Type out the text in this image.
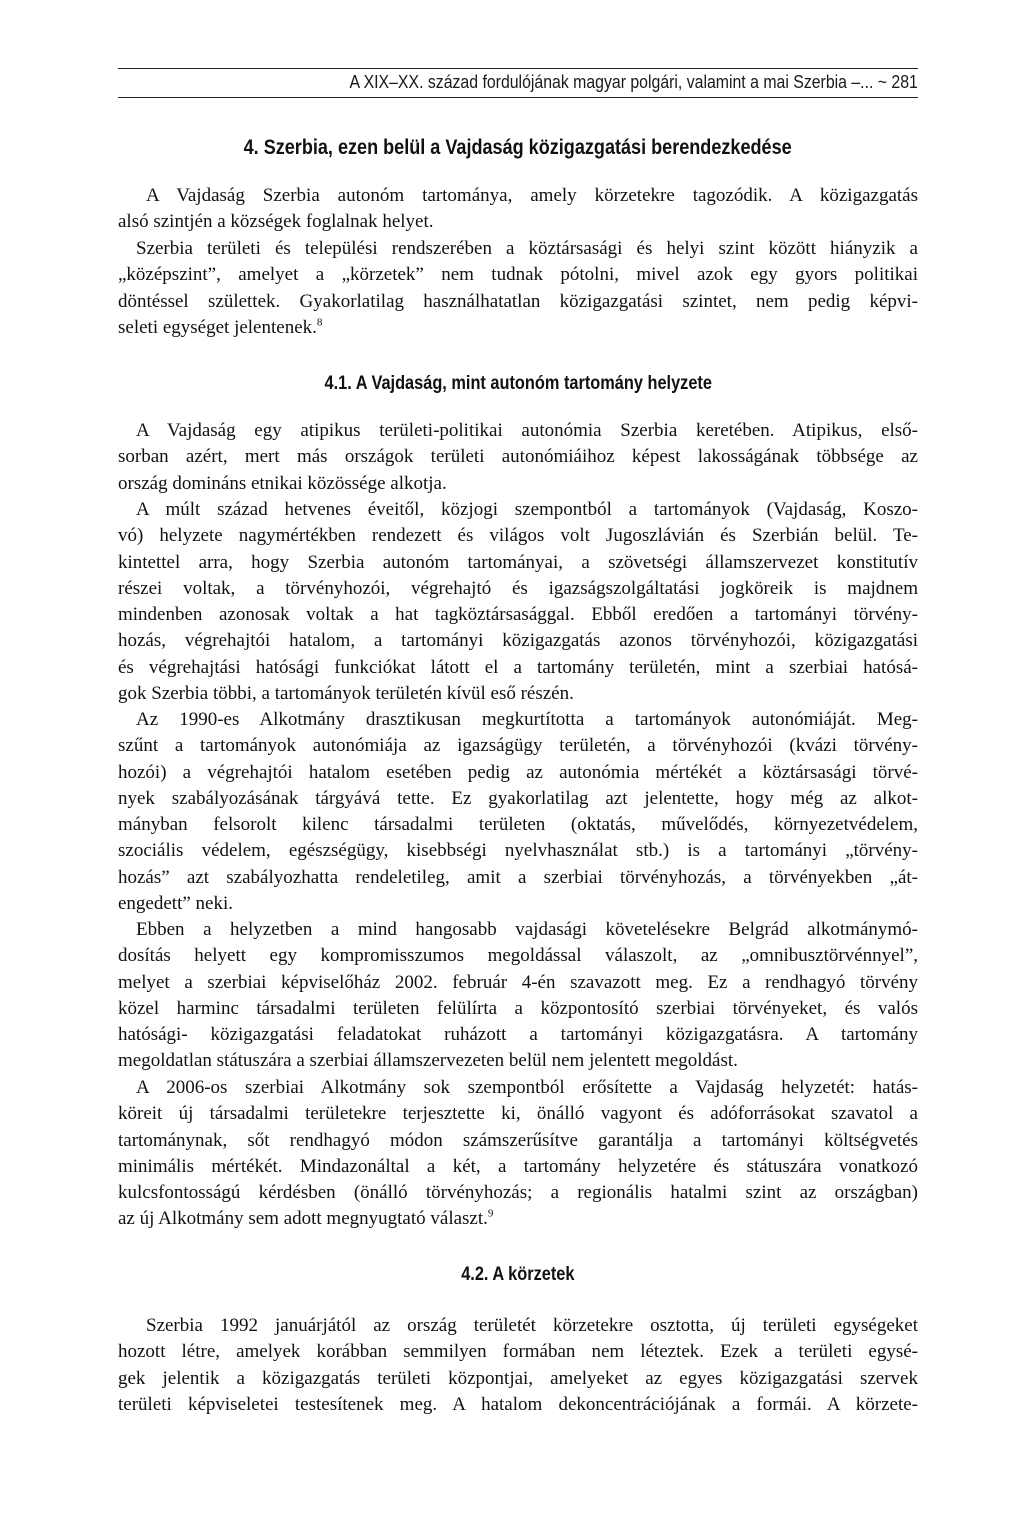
A XIX–XX. század fordulójának magyar polgári, valamint a mai Szerbia –... ~ 281
4. Szerbia, ezen belül a Vajdaság közigazgatási berendezkedése

A Vajdaság Szerbia autonóm tartománya, amely körzetekre tagozódik. A közigazgatás
alsó szintjén a községek foglalnak helyet.

Szerbia területi és települési rendszerében a köztársasági és helyi szint között hiányzik a
„középszint”, amelyet a „körzetek” nem tudnak pótolni, mivel azok egy gyors politikai
döntéssel születtek. Gyakorlatilag használhatatlan közigazgatási szintet, nem pedig képvi-
seleti egységet jelentenek.$^8$

4.1. A Vajdaság, mint autonóm tartomány helyzete

A Vajdaság egy atipikus területi-politikai autonómia Szerbia keretében. Atipikus, első-
sorban azért, mert más országok területi autonómiáihoz képest lakosságának többsége az
ország domináns etnikai közössége alkotja.

A múlt század hetvenes éveitől, közjogi szempontból a tartományok (Vajdaság, Koszo-
vó) helyzete nagymértékben rendezett és világos volt Jugoszlávián és Szerbián belül. Te-
kintettel arra, hogy Szerbia autonóm tartományai, a szövetségi államszervezet konstitutív
részei voltak, a törvényhozói, végrehajtó és igazságszolgáltatási jogköreik is majdnem
mindenben azonosak voltak a hat tagköztársasággal. Ebből eredően a tartományi törvény-
hozás, végrehajtói hatalom, a tartományi közigazgatás azonos törvényhozói, közigazgatási
és végrehajtási hatósági funkciókat látott el a tartomány területén, mint a szerbiai hatósá-
gok Szerbia többi, a tartományok területén kívül eső részén.

Az 1990-es Alkotmány drasztikusan megkurtította a tartományok autonómiáját. Meg-
szűnt a tartományok autonómiája az igazságügy területén, a törvényhozói (kvázi törvény-
hozói) a végrehajtói hatalom esetében pedig az autonómia mértékét a köztársasági törvé-
nyek szabályozásának tárgyává tette. Ez gyakorlatilag azt jelentette, hogy még az alkot-
mányban felsorolt kilenc társadalmi területen (oktatás, művelődés, környezetvédelem,
szociális védelem, egészségügy, kisebbségi nyelvhasználat stb.) is a tartományi „törvény-
hozás” azt szabályozhatta rendeletileg, amit a szerbiai törvényhozás, a törvényekben „át-
engedett” neki.

Ebben a helyzetben a mind hangosabb vajdasági követelésekre Belgrád alkotmánymó-
dosítás helyett egy kompromisszumos megoldással válaszolt, az „omnibusztörvénnyel”,
melyet a szerbiai képviselőház 2002. február 4-én szavazott meg. Ez a rendhagyó törvény
közel harminc társadalmi területen felülírta a központosító szerbiai törvényeket, és valós
hatósági- közigazgatási feladatokat ruházott a tartományi közigazgatásra. A tartomány
megoldatlan státuszára a szerbiai államszervezeten belül nem jelentett megoldást.

A 2006-os szerbiai Alkotmány sok szempontból erősítette a Vajdaság helyzetét: hatás-
köreit új társadalmi területekre terjesztette ki, önálló vagyont és adóforrásokat szavatol a
tartománynak, sőt rendhagyó módon számszerűsítve garantálja a tartományi költségvetés
minimális mértékét. Mindazonáltal a két, a tartomány helyzetére és státuszára vonatkozó
kulcsfontosságú kérdésben (önálló törvényhozás; a regionális hatalmi szint az országban)
az új Alkotmány sem adott megnyugtató választ.$^9$

4.2. A körzetek

Szerbia 1992 januárjától az ország területét körzetekre osztotta, új területi egységeket
hozott létre, amelyek korábban semmilyen formában nem léteztek. Ezek a területi egysé-
gek jelentik a közigazgatás területi központjai, amelyeket az egyes közigazgatási szervek
területi képviseletei testesítenek meg. A hatalom dekoncentrációjának a formái. A körzete-
